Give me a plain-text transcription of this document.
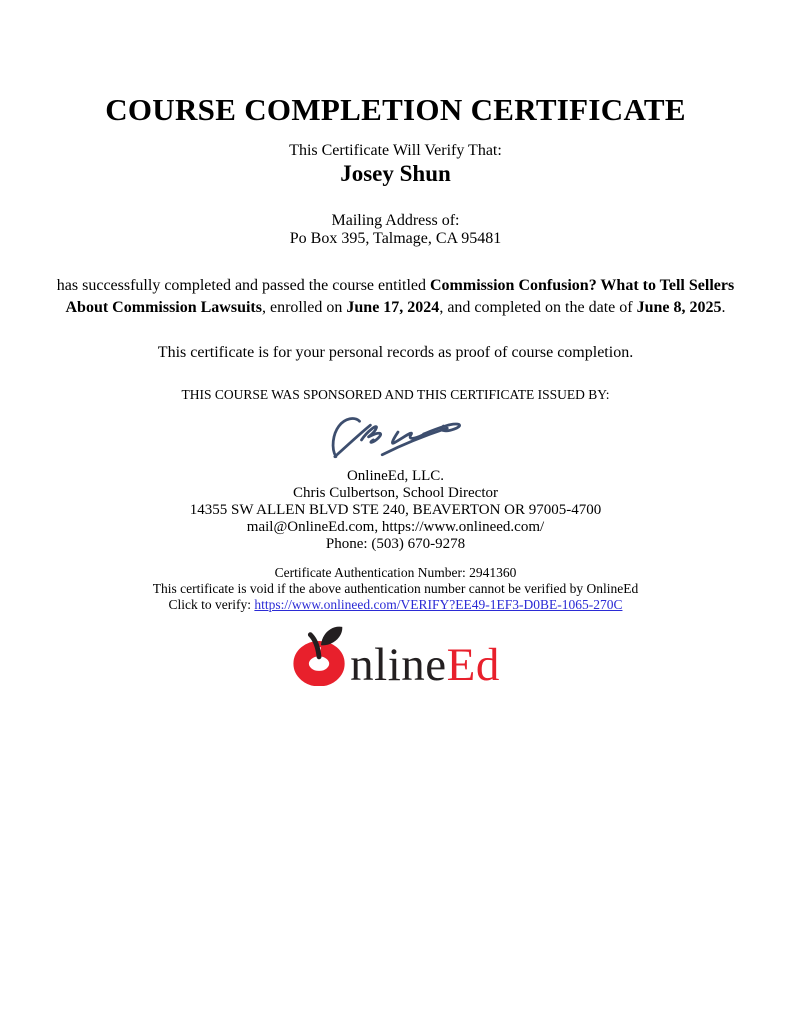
COURSE COMPLETION CERTIFICATE
This Certificate Will Verify That:
Josey Shun
Mailing Address of:
Po Box 395, Talmage, CA 95481
has successfully completed and passed the course entitled Commission Confusion? What to Tell Sellers About Commission Lawsuits, enrolled on June 17, 2024, and completed on the date of June 8, 2025.
This certificate is for your personal records as proof of course completion.
THIS COURSE WAS SPONSORED AND THIS CERTIFICATE ISSUED BY:
OnlineEd, LLC.
Chris Culbertson, School Director
14355 SW ALLEN BLVD STE 240, BEAVERTON OR 97005-4700
mail@OnlineEd.com, https://www.onlineed.com/
Phone: (503) 670-9278
Certificate Authentication Number: 2941360
This certificate is void if the above authentication number cannot be verified by OnlineEd
Click to verify: https://www.onlineed.com/VERIFY?EE49-1EF3-D0BE-1065-270C
nlineEd
